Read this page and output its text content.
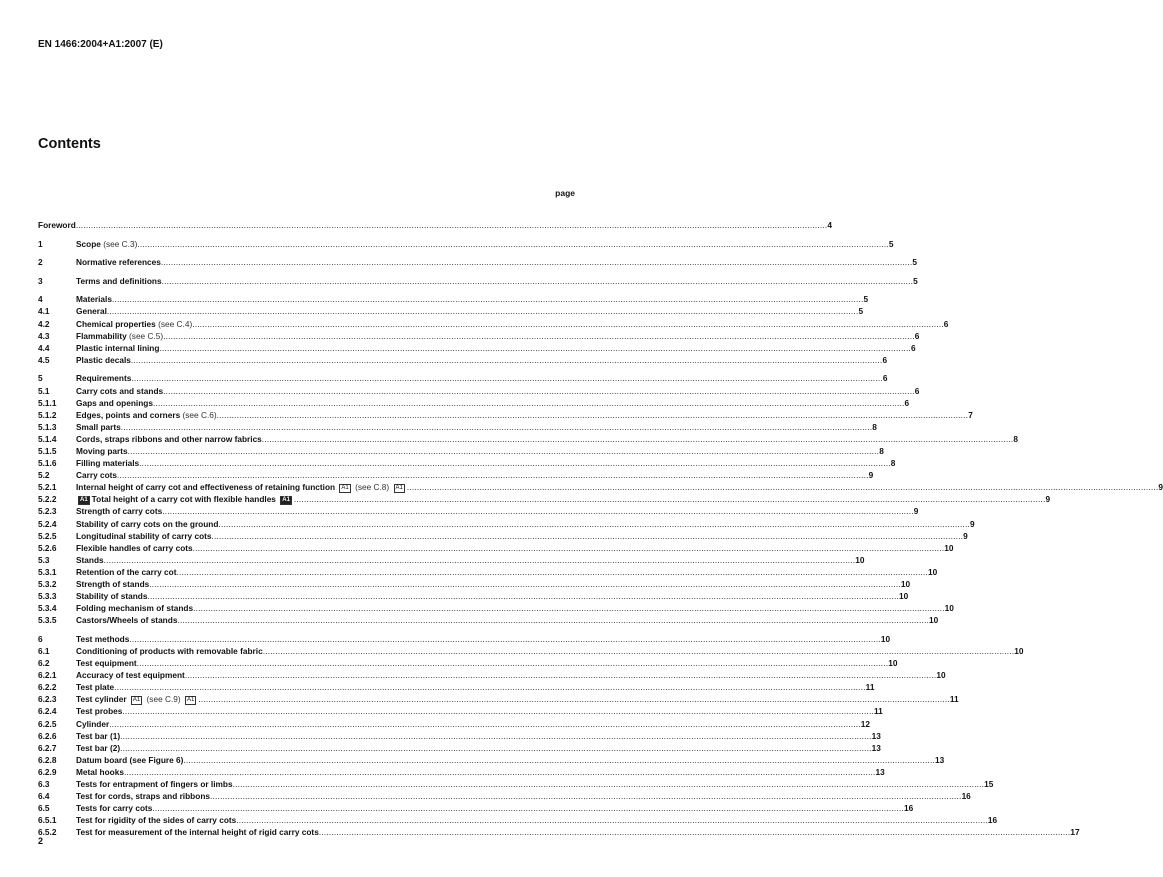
EN 1466:2004+A1:2007 (E)
Contents
page
Foreword ............................................................................................................................................................................................................................................................................................................ 4
1	Scope (see C.3) ............................................................................................................................................................................................................................................................................................................ 5
2	Normative references ............................................................................................................................................................................................................................................................................................................ 5
3	Terms and definitions ............................................................................................................................................................................................................................................................................................................ 5
4	Materials ............................................................................................................................................................................................................................................................................................................ 5
4.1	General ............................................................................................................................................................................................................................................................................................................ 5
4.2	Chemical properties (see C.4) ............................................................................................................................................................................................................................................................................................................ 6
4.3	Flammability (see C.5) ............................................................................................................................................................................................................................................................................................................ 6
4.4	Plastic internal lining ............................................................................................................................................................................................................................................................................................................ 6
4.5	Plastic decals ............................................................................................................................................................................................................................................................................................................ 6
5	Requirements ............................................................................................................................................................................................................................................................................................................ 6
5.1	Carry cots and stands ............................................................................................................................................................................................................................................................................................................ 6
5.1.1	Gaps and openings ............................................................................................................................................................................................................................................................................................................ 6
5.1.2	Edges, points and corners (see C.6) ............................................................................................................................................................................................................................................................................................................ 7
5.1.3	Small parts ............................................................................................................................................................................................................................................................................................................ 8
5.1.4	Cords, straps ribbons and other narrow fabrics ............................................................................................................................................................................................................................................................................................................ 8
5.1.5	Moving parts ............................................................................................................................................................................................................................................................................................................ 8
5.1.6	Filling materials ............................................................................................................................................................................................................................................................................................................ 8
5.2	Carry cots ............................................................................................................................................................................................................................................................................................................ 9
5.2.1	Internal height of carry cot and effectiveness of retaining function A1 (see C.8) A1 ............................................................................................................................................................................................................................................................................................................ 9
5.2.2	A1 Total height of a carry cot with flexible handles A1 ............................................................................................................................................................................................................................................................................................................ 9
5.2.3	Strength of carry cots ............................................................................................................................................................................................................................................................................................................ 9
5.2.4	Stability of carry cots on the ground ............................................................................................................................................................................................................................................................................................................ 9
5.2.5	Longitudinal stability of carry cots ............................................................................................................................................................................................................................................................................................................ 9
5.2.6	Flexible handles of carry cots ............................................................................................................................................................................................................................................................................................................ 10
5.3	Stands ............................................................................................................................................................................................................................................................................................................ 10
5.3.1	Retention of the carry cot ............................................................................................................................................................................................................................................................................................................ 10
5.3.2	Strength of stands ............................................................................................................................................................................................................................................................................................................ 10
5.3.3	Stability of stands ............................................................................................................................................................................................................................................................................................................ 10
5.3.4	Folding mechanism of stands ............................................................................................................................................................................................................................................................................................................ 10
5.3.5	Castors/Wheels of stands ............................................................................................................................................................................................................................................................................................................ 10
6	Test methods ............................................................................................................................................................................................................................................................................................................ 10
6.1	Conditioning of products with removable fabric ............................................................................................................................................................................................................................................................................................................ 10
6.2	Test equipment ............................................................................................................................................................................................................................................................................................................ 10
6.2.1	Accuracy of test equipment ............................................................................................................................................................................................................................................................................................................ 10
6.2.2	Test plate ............................................................................................................................................................................................................................................................................................................ 11
6.2.3	Test cylinder A1 (see C.9) A1 ............................................................................................................................................................................................................................................................................................................ 11
6.2.4	Test probes ............................................................................................................................................................................................................................................................................................................ 11
6.2.5	Cylinder ............................................................................................................................................................................................................................................................................................................ 12
6.2.6	Test bar (1) ............................................................................................................................................................................................................................................................................................................ 13
6.2.7	Test bar (2) ............................................................................................................................................................................................................................................................................................................ 13
6.2.8	Datum board (see Figure 6) ............................................................................................................................................................................................................................................................................................................ 13
6.2.9	Metal hooks ............................................................................................................................................................................................................................................................................................................ 13
6.3	Tests for entrapment of fingers or limbs ............................................................................................................................................................................................................................................................................................................ 15
6.4	Test for cords, straps and ribbons ............................................................................................................................................................................................................................................................................................................ 16
6.5	Tests for carry cots ............................................................................................................................................................................................................................................................................................................ 16
6.5.1	Test for rigidity of the sides of carry cots ............................................................................................................................................................................................................................................................................................................ 16
6.5.2	Test for measurement of the internal height of rigid carry cots ............................................................................................................................................................................................................................................................................................................ 17
2
